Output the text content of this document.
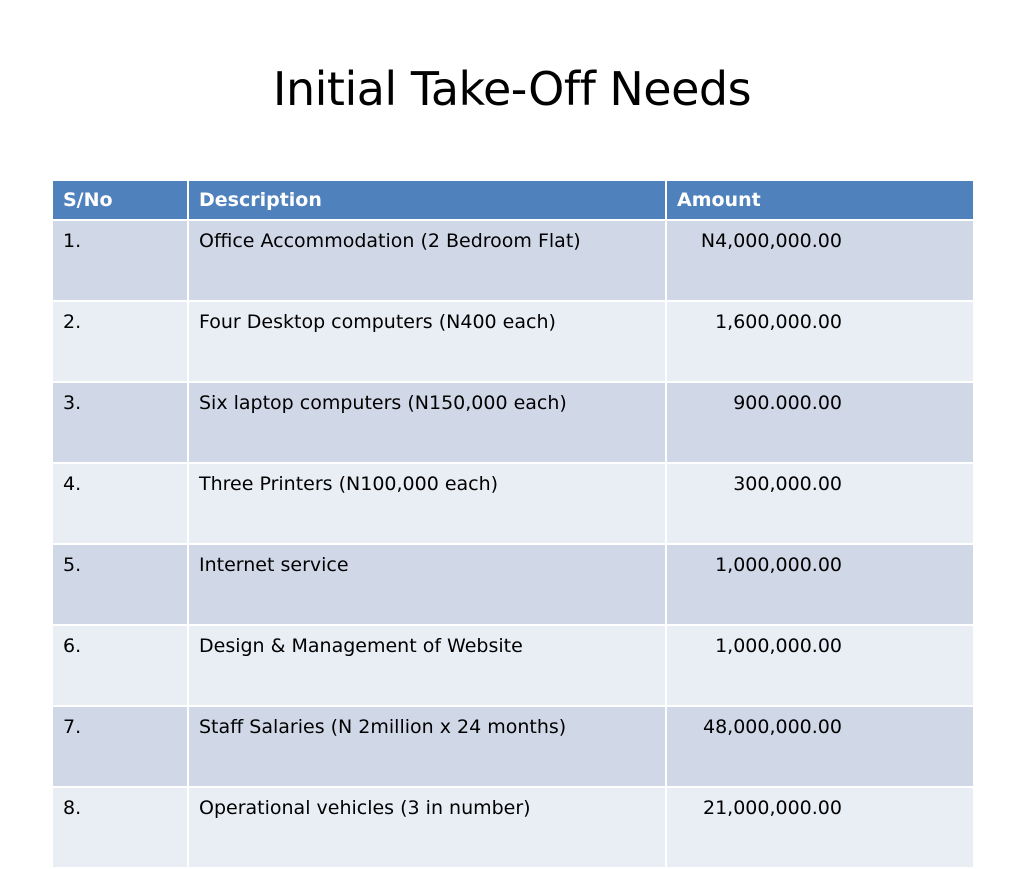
Initial Take-Off Needs
S/No	Description	Amount
1.	Office Accommodation (2 Bedroom Flat)	N4,000,000.00
2.	Four Desktop computers (N400 each)	1,600,000.00
3.	Six laptop computers (N150,000 each)	900.000.00
4.	Three Printers (N100,000 each)	300,000.00
5.	Internet service	1,000,000.00
6.	Design & Management of Website	1,000,000.00
7.	Staff Salaries (N 2million x 24 months)	48,000,000.00
8.	Operational vehicles (3 in number)	21,000,000.00
